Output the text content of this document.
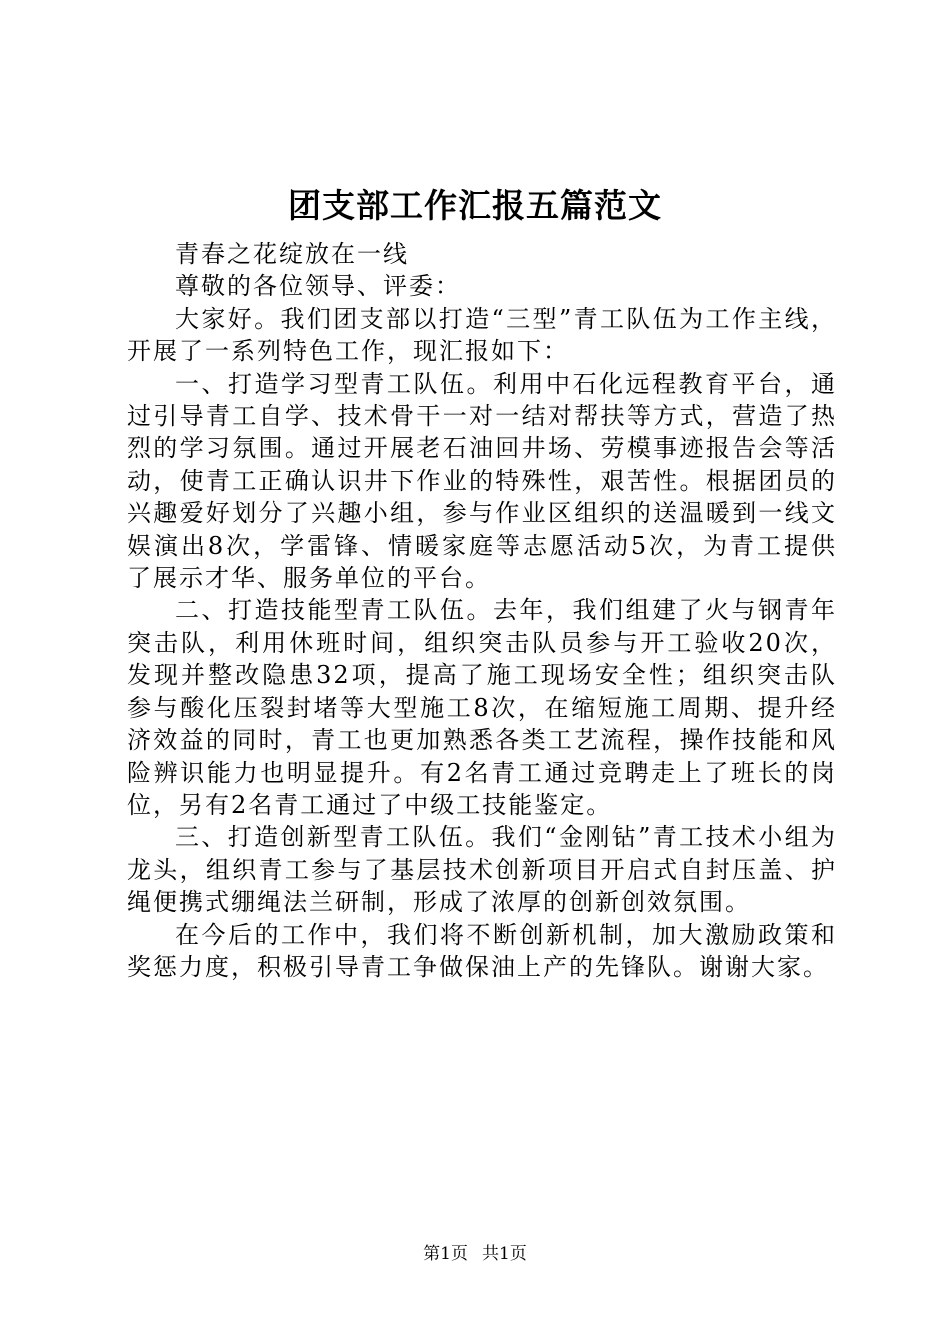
团支部工作汇报五篇范文

青春之花绽放在一线

尊敬的各位领导、评委：

大家好。我们团支部以打造“三型”青工队伍为工作主线，开展了一系列特色工作，现汇报如下：

一、打造学习型青工队伍。利用中石化远程教育平台，通过引导青工自学、技术骨干一对一结对帮扶等方式，营造了热烈的学习氛围。通过开展老石油回井场、劳模事迹报告会等活动，使青工正确认识井下作业的特殊性，艰苦性。根据团员的兴趣爱好划分了兴趣小组，参与作业区组织的送温暖到一线文娱演出8次，学雷锋、情暖家庭等志愿活动5次，为青工提供了展示才华、服务单位的平台。

二、打造技能型青工队伍。去年，我们组建了火与钢青年突击队，利用休班时间，组织突击队员参与开工验收20次，发现并整改隐患32项，提高了施工现场安全性；组织突击队参与酸化压裂封堵等大型施工8次，在缩短施工周期、提升经济效益的同时，青工也更加熟悉各类工艺流程，操作技能和风险辨识能力也明显提升。有2名青工通过竞聘走上了班长的岗位，另有2名青工通过了中级工技能鉴定。

三、打造创新型青工队伍。我们“金刚钻”青工技术小组为龙头，组织青工参与了基层技术创新项目开启式自封压盖、护绳便携式绷绳法兰研制，形成了浓厚的创新创效氛围。

在今后的工作中，我们将不断创新机制，加大激励政策和奖惩力度，积极引导青工争做保油上产的先锋队。谢谢大家。

第1页 共1页
